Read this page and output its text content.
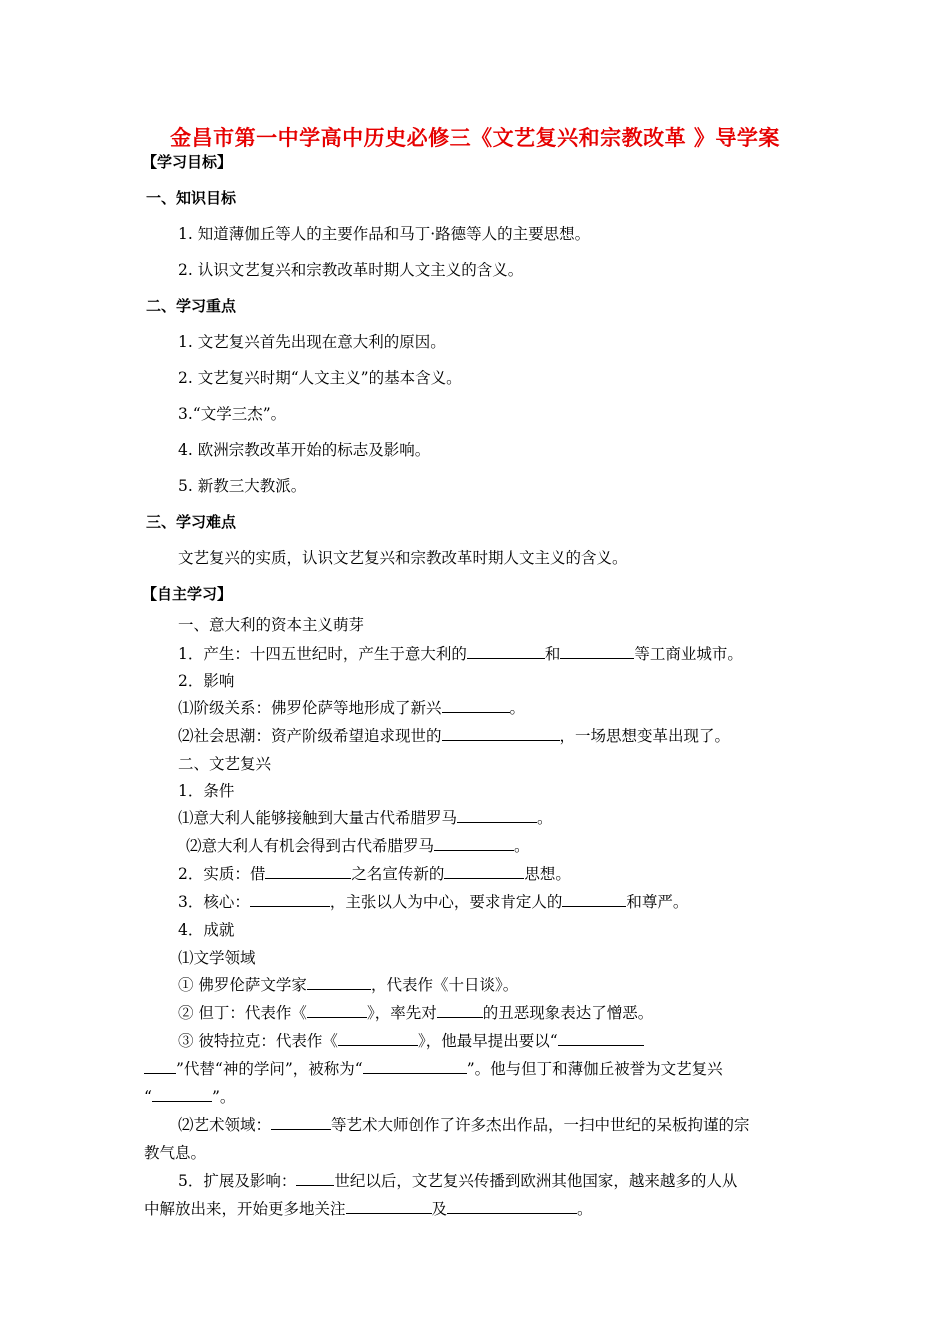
金昌市第一中学高中历史必修三《文艺复兴和宗教改革 》导学案
【学习目标】
一、知识目标
1. 知道薄伽丘等人的主要作品和马丁·路德等人的主要思想。
2. 认识文艺复兴和宗教改革时期人文主义的含义。
二、学习重点
1. 文艺复兴首先出现在意大利的原因。
2. 文艺复兴时期“人文主义”的基本含义。
3.“文学三杰”。
4. 欧洲宗教改革开始的标志及影响。
5. 新教三大教派。
三、学习难点
文艺复兴的实质，认识文艺复兴和宗教改革时期人文主义的含义。
【自主学习】
一、意大利的资本主义萌芽
1．产生：十四五世纪时，产生于意大利的	和	等工商业城市。
2．影响
⑴阶级关系：佛罗伦萨等地形成了新兴	。
⑵社会思潮：资产阶级希望追求现世的	，一场思想变革出现了。
二、文艺复兴
1．条件
⑴意大利人能够接触到大量古代希腊罗马	。
⑵意大利人有机会得到古代希腊罗马	。
2．实质：借	之名宣传新的	思想。
3．核心：	，主张以人为中心，要求肯定人的	和尊严。
4．成就
⑴文学领域
① 佛罗伦萨文学家	，代表作《十日谈》。
② 但丁：代表作《	》，率先对	的丑恶现象表达了憎恶。
③ 彼特拉克：代表作《	》，他最早提出要以“
”代替“神的学问”，被称为“	”。他与但丁和薄伽丘被誉为文艺复兴
“	”。
⑵艺术领域：	等艺术大师创作了许多杰出作品，一扫中世纪的呆板拘谨的宗
教气息。
5．扩展及影响： 世纪以后，文艺复兴传播到欧洲其他国家，越来越多的人从
中解放出来，开始更多地关注	及	。
